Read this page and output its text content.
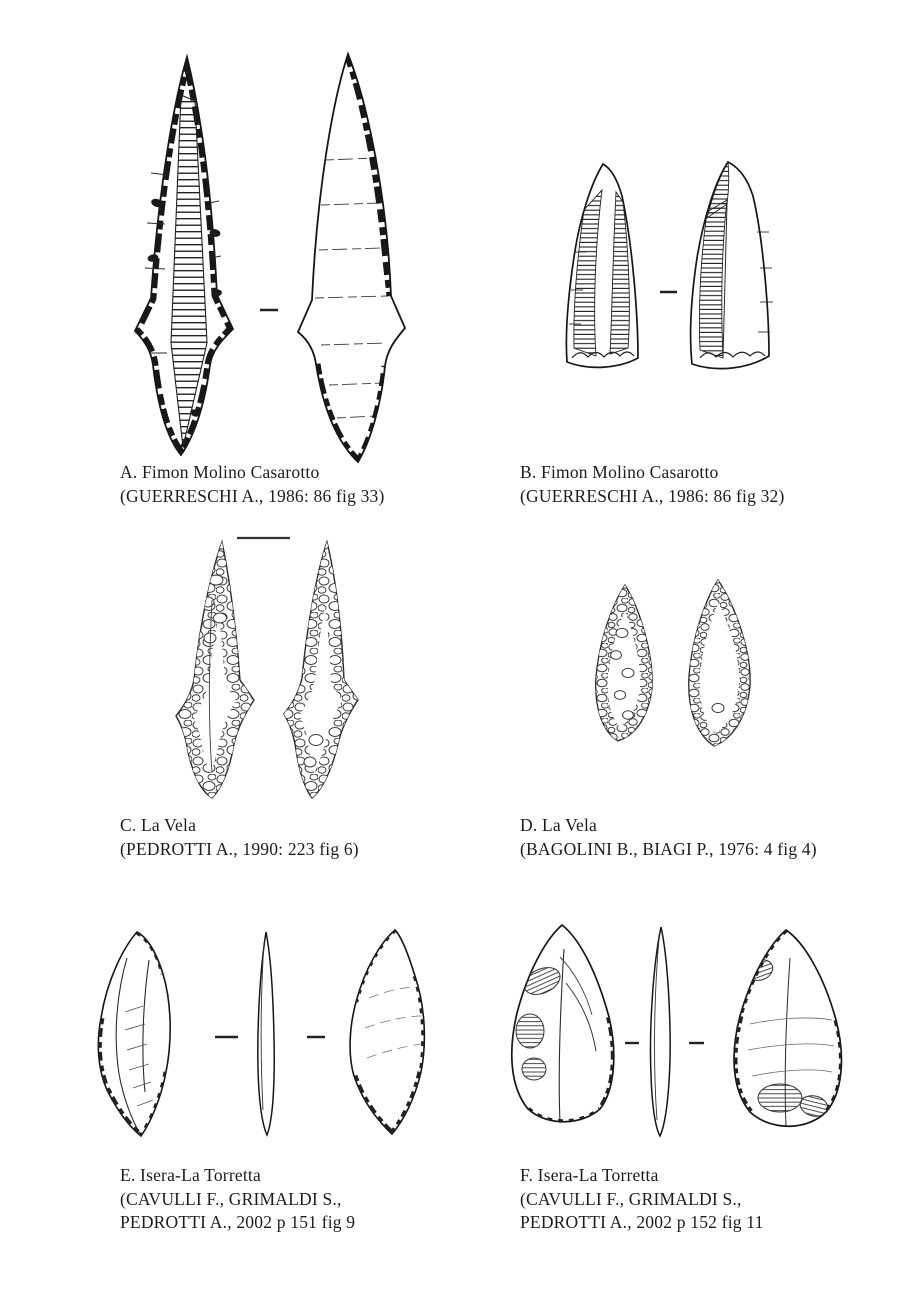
A. Fimon Molino Casarotto
(GUERRESCHI A., 1986: 86 fig 33)
B. Fimon Molino Casarotto
(GUERRESCHI A., 1986: 86 fig 32)
C. La Vela
(PEDROTTI A., 1990: 223 fig 6)
D. La Vela
(BAGOLINI B., BIAGI P., 1976: 4 fig 4)
E. Isera-La Torretta
(CAVULLI F., GRIMALDI S.,
PEDROTTI A., 2002 p 151 fig 9
F. Isera-La Torretta
(CAVULLI F., GRIMALDI S.,
PEDROTTI A., 2002 p 152 fig 11
